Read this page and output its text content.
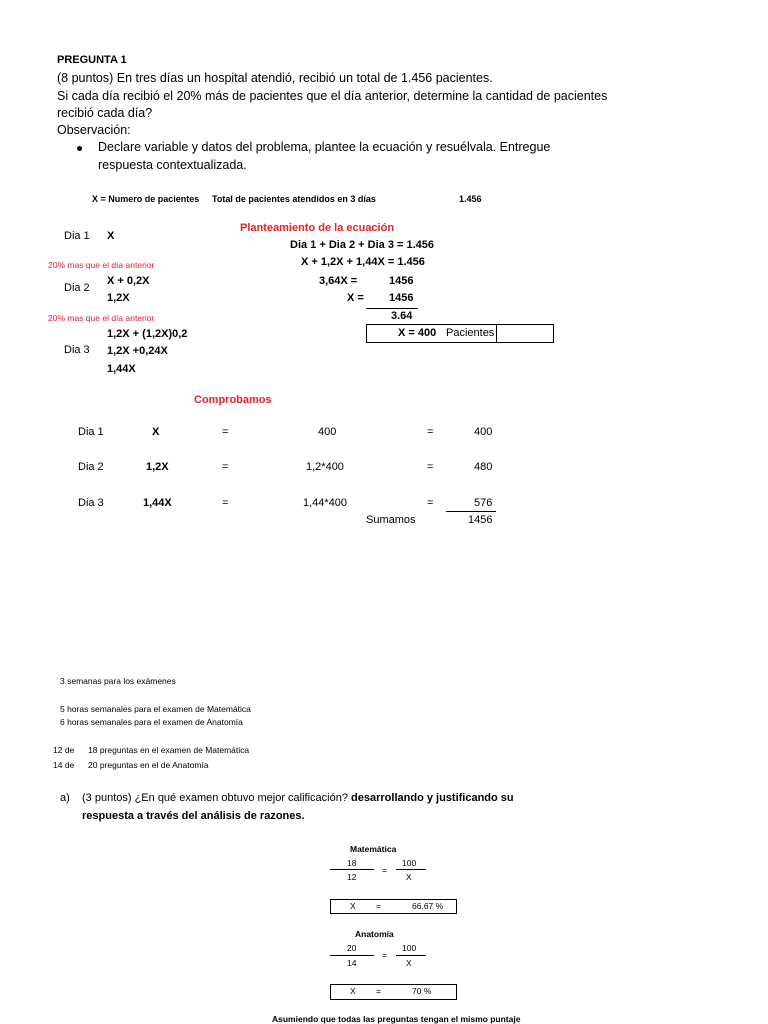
PREGUNTA 1
(8 puntos) En tres días un hospital atendió, recibió un total de 1.456 pacientes.
Si cada día recibió el 20% más de pacientes que el día anterior, determine la cantidad de pacientes
recibió cada día?
Observación:
Declare variable y datos del problema, plantee la ecuación y resuélvala. Entregue
respuesta contextualizada.
X = Numero de pacientes Total de pacientes atendidos en 3 días	1.456
Planteamiento de la ecuación
Dia 1 + Dia 2 + Dia 3 = 1.456
X + 1,2X + 1,44X = 1.456
3,64X =	1456
X = 1456
3.64
X = 400 Pacientes
Dia 1 X
20% mas que el día anterior
X + 0,2X
Dia 2
1,2X
20% mas que el día anterior
1,2X + (1,2X)0,2
Dia 3 1,2X +0,24X
1,44X
Comprobamos
Dia 1	X	=	400	=	400
Dia 2	1,2X	=	1,2*400	=	480
Dia 3	1,44X	=	1,44*400	=	576
Sumamos	1456
3 semanas para los exámenes
5 horas semanales para el examen de Matemática
6 horas semanales para el examen de Anatomía
12 de 18 preguntas en el examen de Matemática
14 de 20 preguntas en el de Anatomía
a) (3 puntos) ¿En qué examen obtuvo mejor calificación? desarrollando y justificando su
respuesta a través del análisis de razones.
Matemática
18
12
=
100
X
X =	66.67 %
Anatomía
20
14
=
100
X
X =	70 %
Asumiendo que todas las preguntas tengan el mismo puntaje
